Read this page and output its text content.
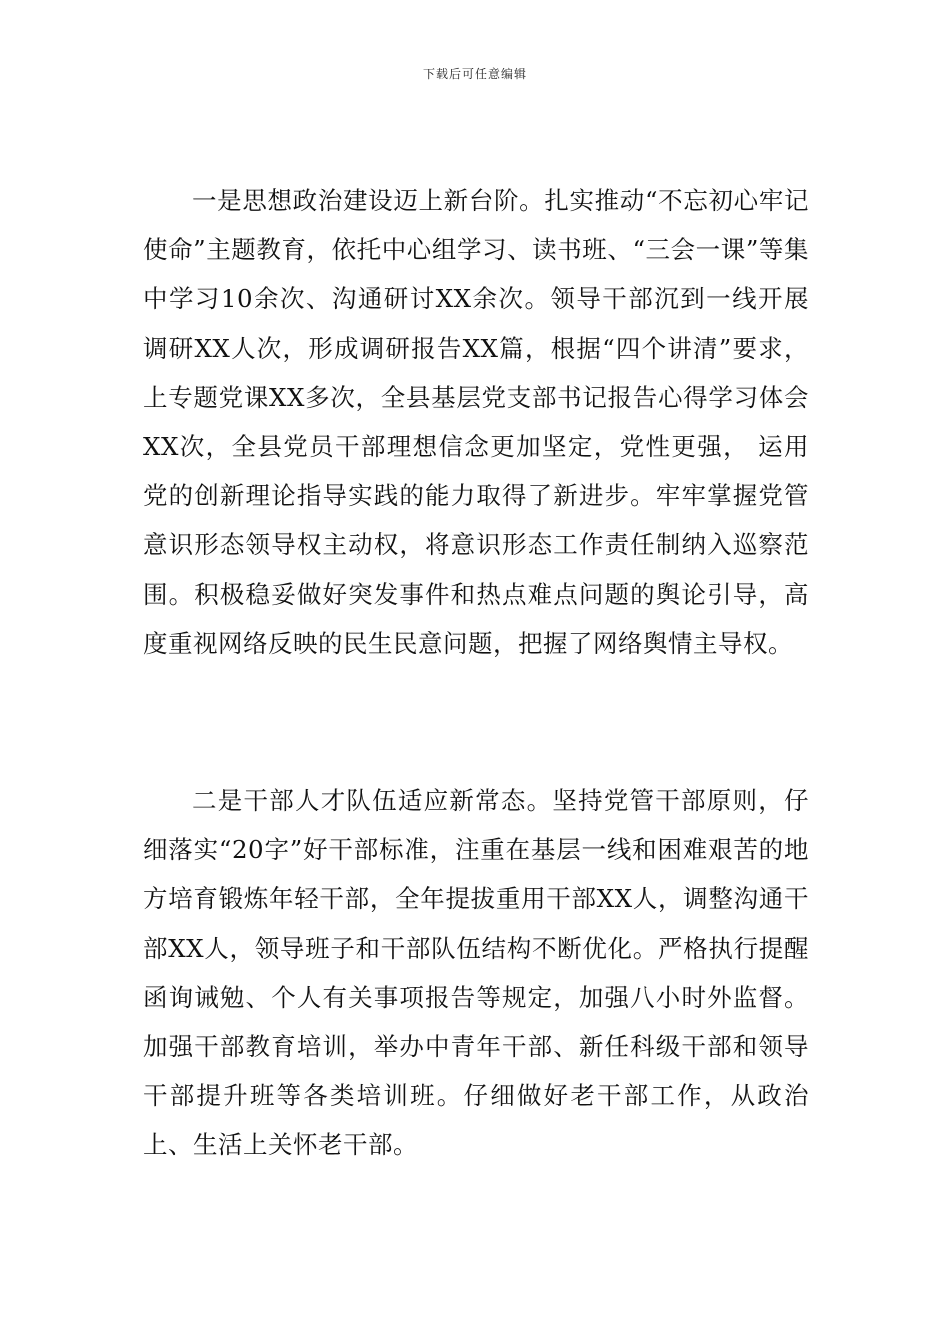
下载后可任意编辑

一是思想政治建设迈上新台阶。扎实推动“不忘初心牢记使命”主题教育，依托中心组学习、读书班、“三会一课”等集中学习10余次、沟通研讨XX余次。领导干部沉到一线开展调研XX人次，形成调研报告XX篇，根据“四个讲清”要求，上专题党课XX多次，全县基层党支部书记报告心得学习体会XX次，全县党员干部理想信念更加坚定，党性更强， 运用党的创新理论指导实践的能力取得了新进步。牢牢掌握党管意识形态领导权主动权，将意识形态工作责任制纳入巡察范围。积极稳妥做好突发事件和热点难点问题的舆论引导，高度重视网络反映的民生民意问题，把握了网络舆情主导权。

二是干部人才队伍适应新常态。坚持党管干部原则，仔细落实“20字”好干部标准，注重在基层一线和困难艰苦的地方培育锻炼年轻干部，全年提拔重用干部XX人，调整沟通干部XX人，领导班子和干部队伍结构不断优化。严格执行提醒函询诫勉、个人有关事项报告等规定，加强八小时外监督。加强干部教育培训，举办中青年干部、新任科级干部和领导干部提升班等各类培训班。仔细做好老干部工作，从政治上、生活上关怀老干部。
